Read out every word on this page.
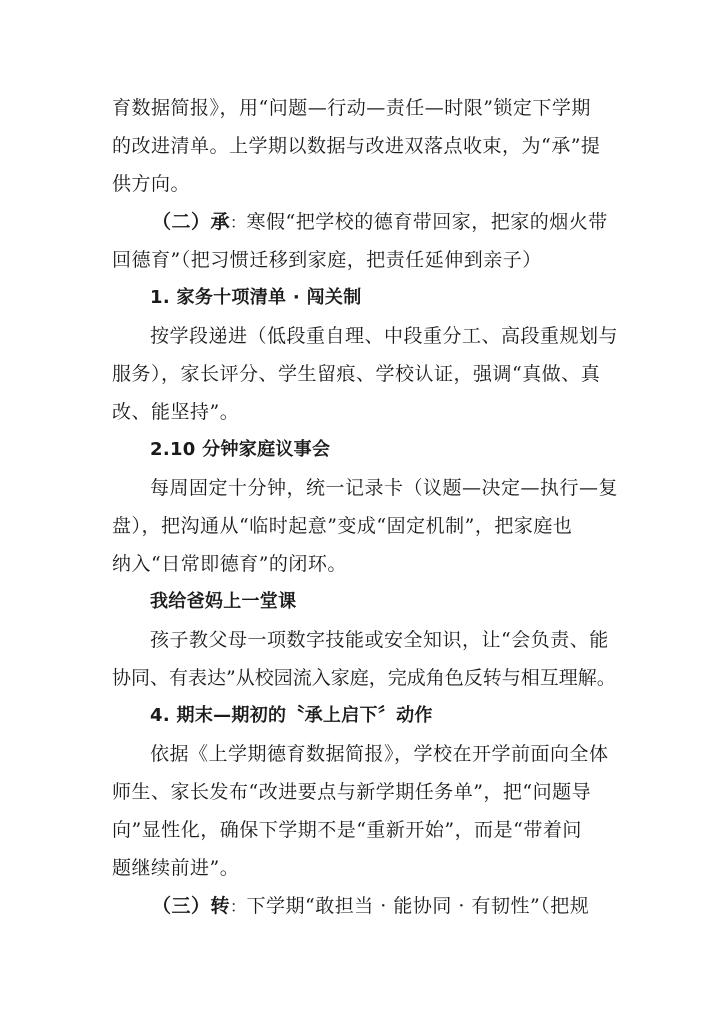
育数据简报》，用“问题—行动—责任—时限”锁定下学期
的改进清单。上学期以数据与改进双落点收束，为“承”提
供方向。
（二）承：寒假“把学校的德育带回家，把家的烟火带
回德育”（把习惯迁移到家庭，把责任延伸到亲子）
1. 家务十项清单 · 闯关制
按学段递进（低段重自理、中段重分工、高段重规划与
服务），家长评分、学生留痕、学校认证，强调“真做、真
改、能坚持”。
2.10 分钟家庭议事会
每周固定十分钟，统一记录卡（议题—决定—执行—复
盘），把沟通从“临时起意”变成“固定机制”，把家庭也
纳入“日常即德育”的闭环。
我给爸妈上一堂课
孩子教父母一项数字技能或安全知识，让“会负责、能
协同、有表达”从校园流入家庭，完成角色反转与相互理解。
4. 期末—期初的〝承上启下〞动作
依据《上学期德育数据简报》，学校在开学前面向全体
师生、家长发布“改进要点与新学期任务单”，把“问题导
向”显性化，确保下学期不是“重新开始”，而是“带着问
题继续前进”。
（三）转：下学期“敢担当 · 能协同 · 有韧性”（把规
